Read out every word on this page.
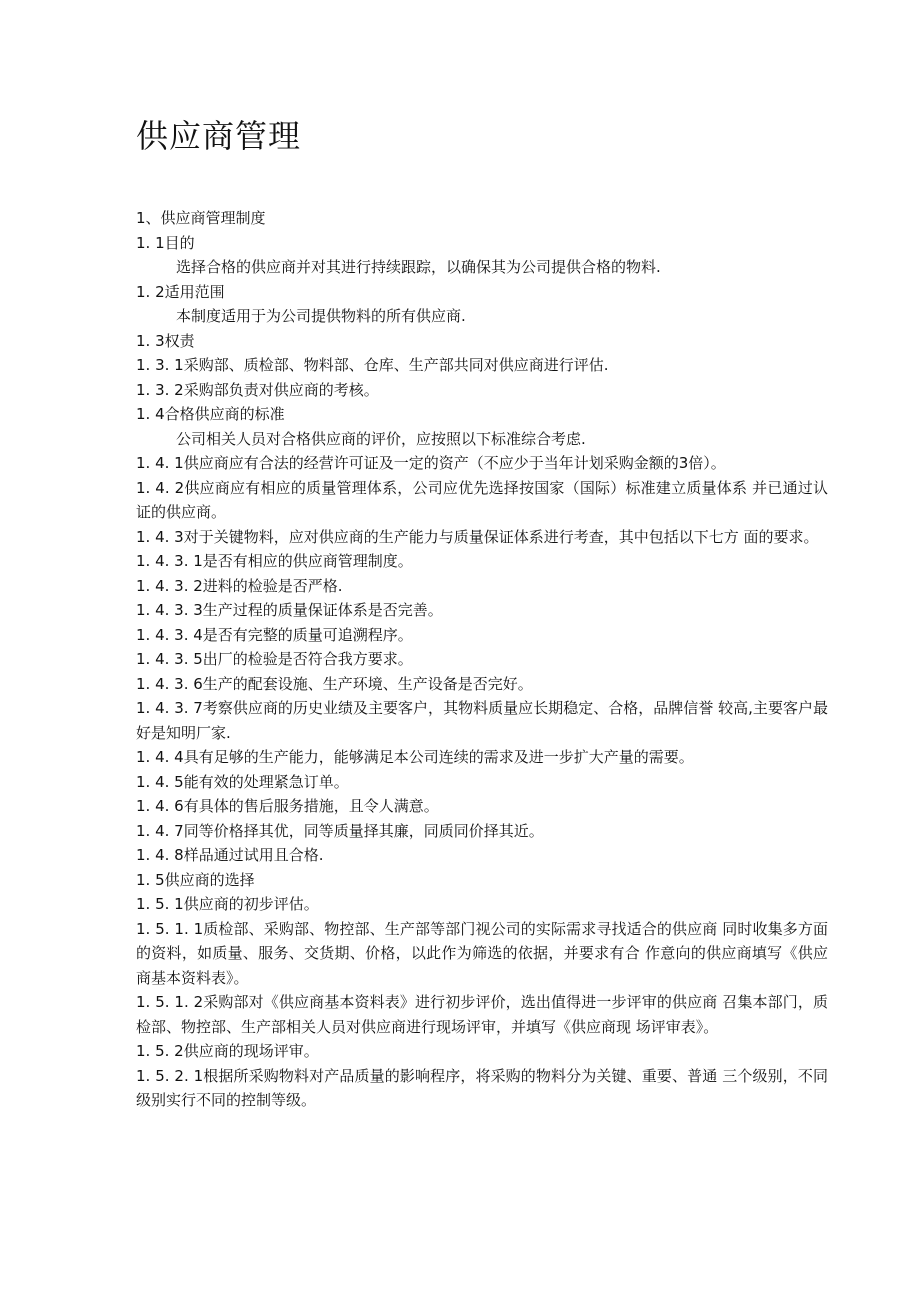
供应商管理

1、供应商管理制度

1. 1目的

选择合格的供应商并对其进行持续跟踪，以确保其为公司提供合格的物料.

1. 2适用范围

本制度适用于为公司提供物料的所有供应商.

1. 3权责

1. 3. 1采购部、质检部、物料部、仓库、生产部共同对供应商进行评估.

1. 3. 2采购部负责对供应商的考核。

1. 4合格供应商的标准

公司相关人员对合格供应商的评价，应按照以下标准综合考虑.

1. 4. 1供应商应有合法的经营许可证及一定的资产（不应少于当年计划采购金额的3倍）。

1. 4. 2供应商应有相应的质量管理体系，公司应优先选择按国家（国际）标准建立质量体系 并已通过认证的供应商。

1. 4. 3对于关键物料，应对供应商的生产能力与质量保证体系进行考查，其中包括以下七方 面的要求。

1. 4. 3. 1是否有相应的供应商管理制度。

1. 4. 3. 2进料的检验是否严格.

1. 4. 3. 3生产过程的质量保证体系是否完善。

1. 4. 3. 4是否有完整的质量可追溯程序。

1. 4. 3. 5出厂的检验是否符合我方要求。

1. 4. 3. 6生产的配套设施、生产环境、生产设备是否完好。

1. 4. 3. 7考察供应商的历史业绩及主要客户，其物料质量应长期稳定、合格，品牌信誉 较高,主要客户最好是知明厂家.

1. 4. 4具有足够的生产能力，能够满足本公司连续的需求及进一步扩大产量的需要。

1. 4. 5能有效的处理紧急订单。

1. 4. 6有具体的售后服务措施，且令人满意。

1. 4. 7同等价格择其优，同等质量择其廉，同质同价择其近。

1. 4. 8样品通过试用且合格.

1. 5供应商的选择

1. 5. 1供应商的初步评估。

1. 5. 1. 1质检部、采购部、物控部、生产部等部门视公司的实际需求寻找适合的供应商 同时收集多方面的资料，如质量、服务、交货期、价格，以此作为筛选的依据，并要求有合 作意向的供应商填写《供应商基本资料表》。

1. 5. 1. 2采购部对《供应商基本资料表》进行初步评价，选出值得进一步评审的供应商 召集本部门，质检部、物控部、生产部相关人员对供应商进行现场评审，并填写《供应商现 场评审表》。

1. 5. 2供应商的现场评审。

1. 5. 2. 1根据所采购物料对产品质量的影响程序，将采购的物料分为关键、重要、普通 三个级别，不同级别实行不同的控制等级。
